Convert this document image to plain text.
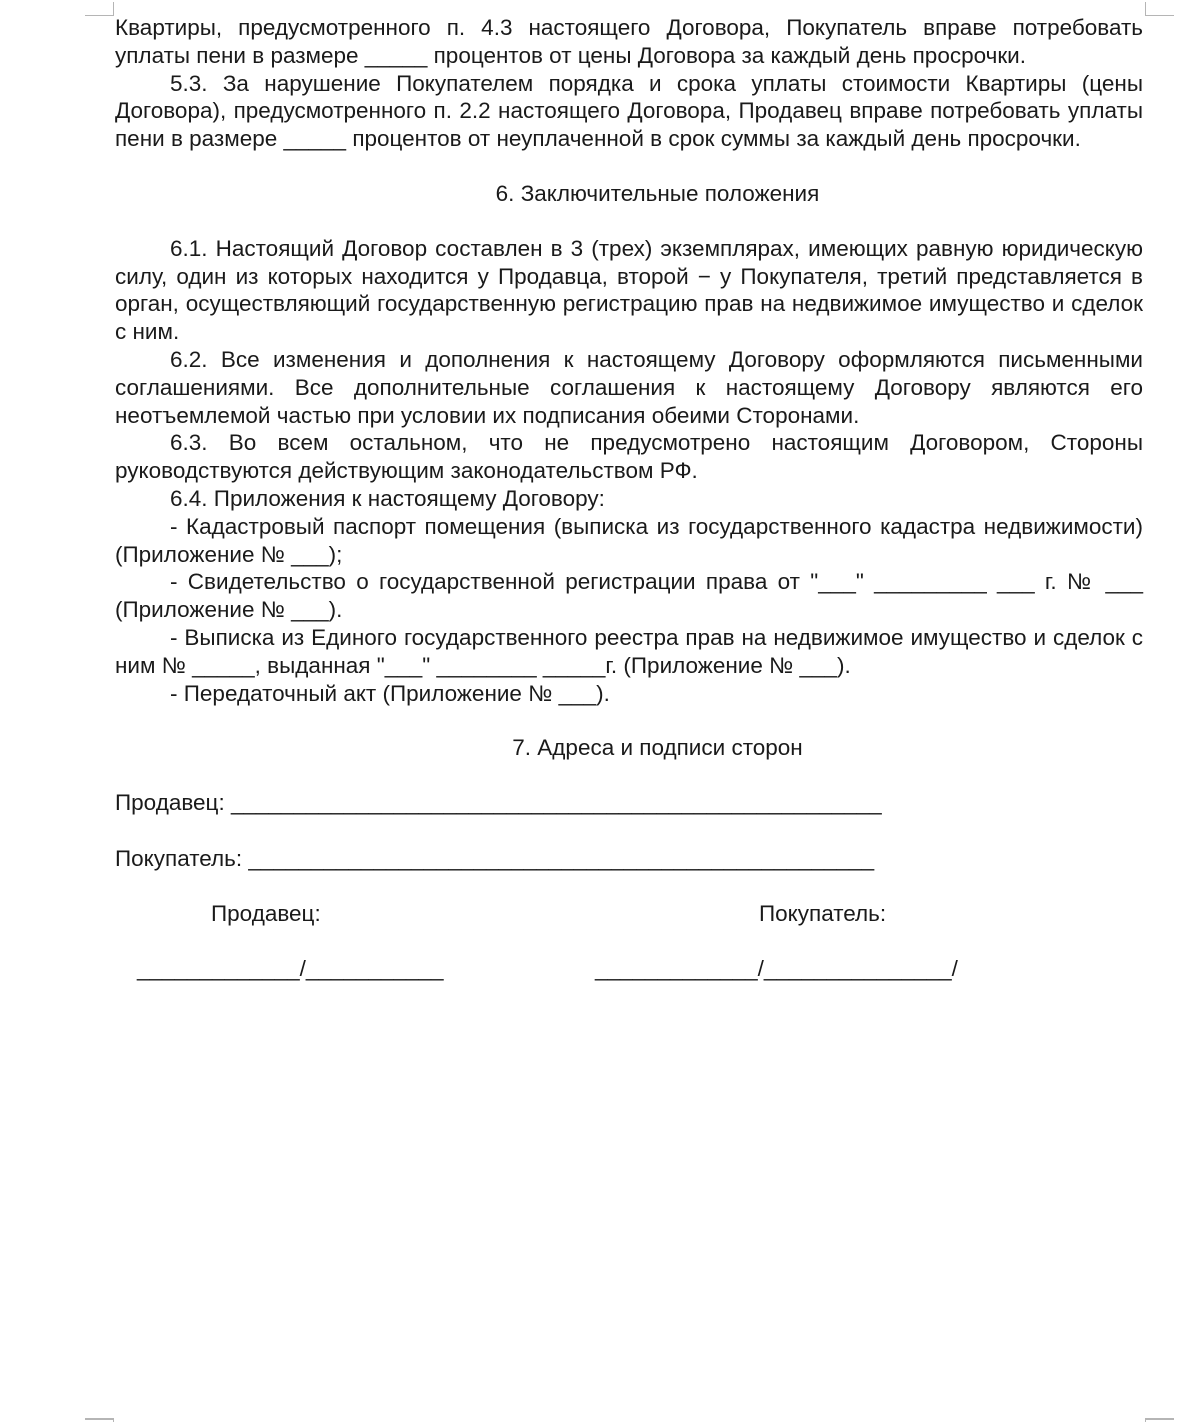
Квартиры, предусмотренного п. 4.3 настоящего Договора, Покупатель вправе потребовать уплаты пени в размере _____ процентов от цены Договора за каждый день просрочки.

5.3. За нарушение Покупателем порядка и срока уплаты стоимости Квартиры (цены Договора), предусмотренного п. 2.2 настоящего Договора, Продавец вправе потребовать уплаты пени в размере _____ процентов от неуплаченной в срок суммы за каждый день просрочки.

6. Заключительные положения

6.1. Настоящий Договор составлен в 3 (трех) экземплярах, имеющих равную юридическую силу, один из которых находится у Продавца, второй − у Покупателя, третий представляется в орган, осуществляющий государственную регистрацию прав на недвижимое имущество и сделок с ним.

6.2. Все изменения и дополнения к настоящему Договору оформляются письменными соглашениями. Все дополнительные соглашения к настоящему Договору являются его неотъемлемой частью при условии их подписания обеими Сторонами.

6.3. Во всем остальном, что не предусмотрено настоящим Договором, Стороны руководствуются действующим законодательством РФ.

6.4. Приложения к настоящему Договору:

- Кадастровый паспорт помещения (выписка из государственного кадастра недвижимости) (Приложение № ___);

- Свидетельство о государственной регистрации права от "___" _________ ___ г. № ___ (Приложение № ___).

- Выписка из Единого государственного реестра прав на недвижимое имущество и сделок с ним № _____, выданная "___" ________ _____г. (Приложение № ___).

- Передаточный акт (Приложение № ___).

7. Адреса и подписи сторон

Продавец: ____________________________________________________

Покупатель: __________________________________________________

Продавец:	Покупатель:
_____________/___________	_____________/_______________/
